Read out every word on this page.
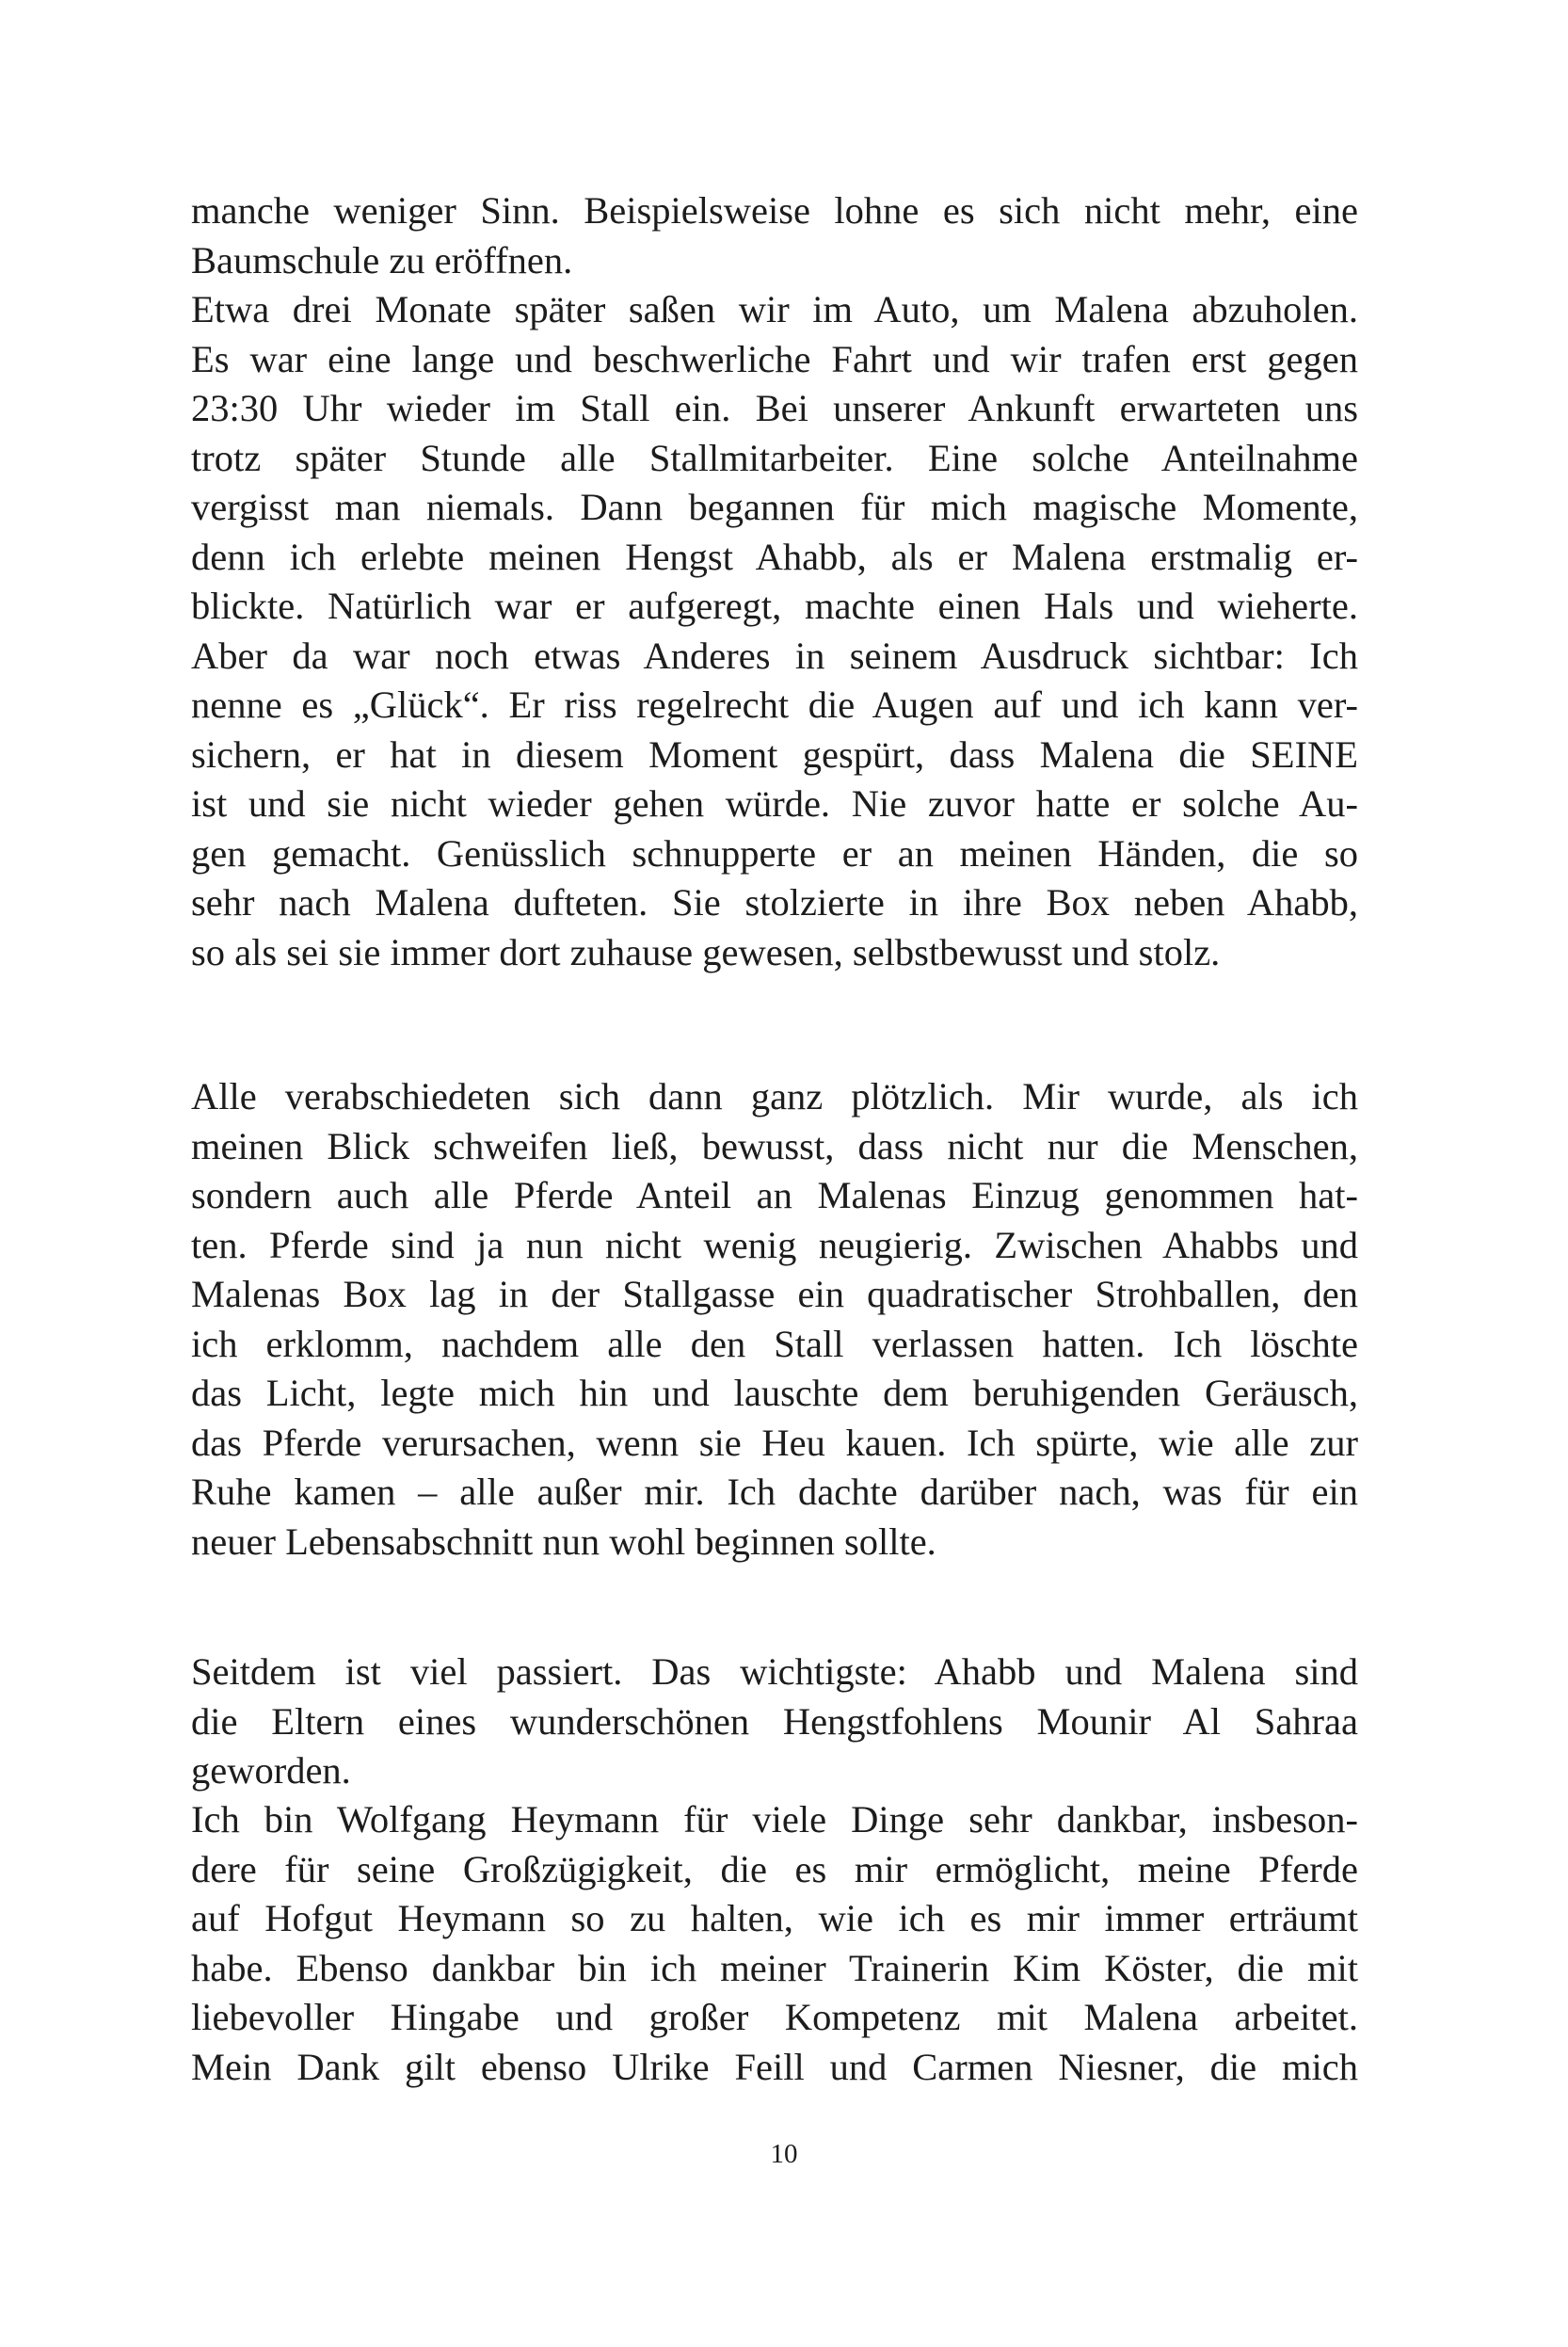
manche weniger Sinn. Beispielsweise lohne es sich nicht mehr, eine
Baumschule zu eröffnen.
Etwa drei Monate später saßen wir im Auto, um Malena abzuholen.
Es war eine lange und beschwerliche Fahrt und wir trafen erst gegen
23:30 Uhr wieder im Stall ein. Bei unserer Ankunft erwarteten uns
trotz später Stunde alle Stallmitarbeiter. Eine solche Anteilnahme
vergisst man niemals. Dann begannen für mich magische Momente,
denn ich erlebte meinen Hengst Ahabb, als er Malena erstmalig er-
blickte. Natürlich war er aufgeregt, machte einen Hals und wieherte.
Aber da war noch etwas Anderes in seinem Ausdruck sichtbar: Ich
nenne es „Glück“. Er riss regelrecht die Augen auf und ich kann ver-
sichern, er hat in diesem Moment gespürt, dass Malena die SEINE
ist und sie nicht wieder gehen würde. Nie zuvor hatte er solche Au-
gen gemacht. Genüsslich schnupperte er an meinen Händen, die so
sehr nach Malena dufteten. Sie stolzierte in ihre Box neben Ahabb,
so als sei sie immer dort zuhause gewesen, selbstbewusst und stolz.
Alle verabschiedeten sich dann ganz plötzlich. Mir wurde, als ich
meinen Blick schweifen ließ, bewusst, dass nicht nur die Menschen,
sondern auch alle Pferde Anteil an Malenas Einzug genommen hat-
ten. Pferde sind ja nun nicht wenig neugierig. Zwischen Ahabbs und
Malenas Box lag in der Stallgasse ein quadratischer Strohballen, den
ich erklomm, nachdem alle den Stall verlassen hatten. Ich löschte
das Licht, legte mich hin und lauschte dem beruhigenden Geräusch,
das Pferde verursachen, wenn sie Heu kauen. Ich spürte, wie alle zur
Ruhe kamen – alle außer mir. Ich dachte darüber nach, was für ein
neuer Lebensabschnitt nun wohl beginnen sollte.
Seitdem ist viel passiert. Das wichtigste: Ahabb und Malena sind
die Eltern eines wunderschönen Hengstfohlens Mounir Al Sahraa
geworden.
Ich bin Wolfgang Heymann für viele Dinge sehr dankbar, insbeson-
dere für seine Großzügigkeit, die es mir ermöglicht, meine Pferde
auf Hofgut Heymann so zu halten, wie ich es mir immer erträumt
habe. Ebenso dankbar bin ich meiner Trainerin Kim Köster, die mit
liebevoller Hingabe und großer Kompetenz mit Malena arbeitet.
Mein Dank gilt ebenso Ulrike Feill und Carmen Niesner, die mich
10
